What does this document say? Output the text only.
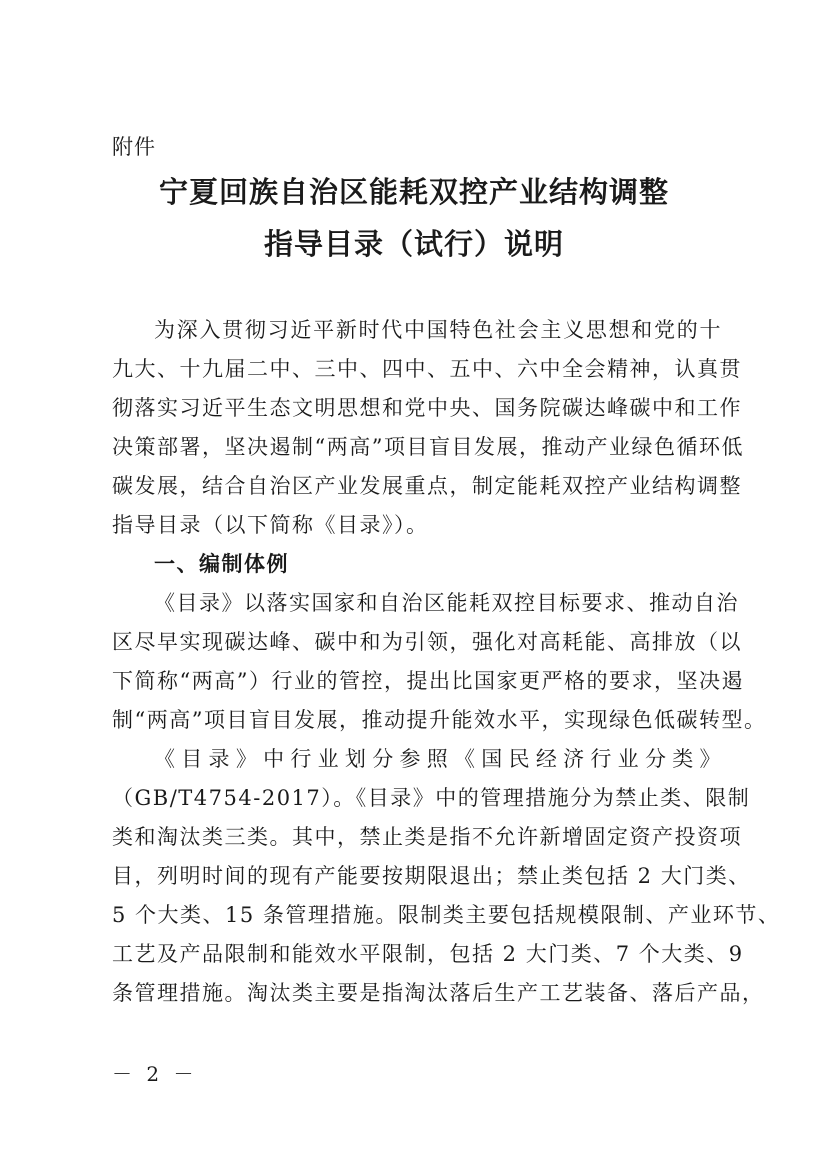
附件
宁夏回族自治区能耗双控产业结构调整
指导目录（试行）说明
为深入贯彻习近平新时代中国特色社会主义思想和党的十
九大、十九届二中、三中、四中、五中、六中全会精神，认真贯
彻落实习近平生态文明思想和党中央、国务院碳达峰碳中和工作
决策部署，坚决遏制“两高”项目盲目发展，推动产业绿色循环低
碳发展，结合自治区产业发展重点，制定能耗双控产业结构调整
指导目录（以下简称《目录》）。
一、编制体例
《目录》以落实国家和自治区能耗双控目标要求、推动自治
区尽早实现碳达峰、碳中和为引领，强化对高耗能、高排放（以
下简称“两高”）行业的管控，提出比国家更严格的要求，坚决遏
制“两高”项目盲目发展，推动提升能效水平，实现绿色低碳转型。
《目录》中行业划分参照《国民经济行业分类》
（GB/T4754-2017）。《目录》中的管理措施分为禁止类、限制
类和淘汰类三类。其中，禁止类是指不允许新增固定资产投资项
目，列明时间的现有产能要按期限退出；禁止类包括 2 大门类、
5 个大类、15 条管理措施。限制类主要包括规模限制、产业环节、
工艺及产品限制和能效水平限制，包括 2 大门类、7 个大类、9
条管理措施。淘汰类主要是指淘汰落后生产工艺装备、落后产品，
－ 2 －
